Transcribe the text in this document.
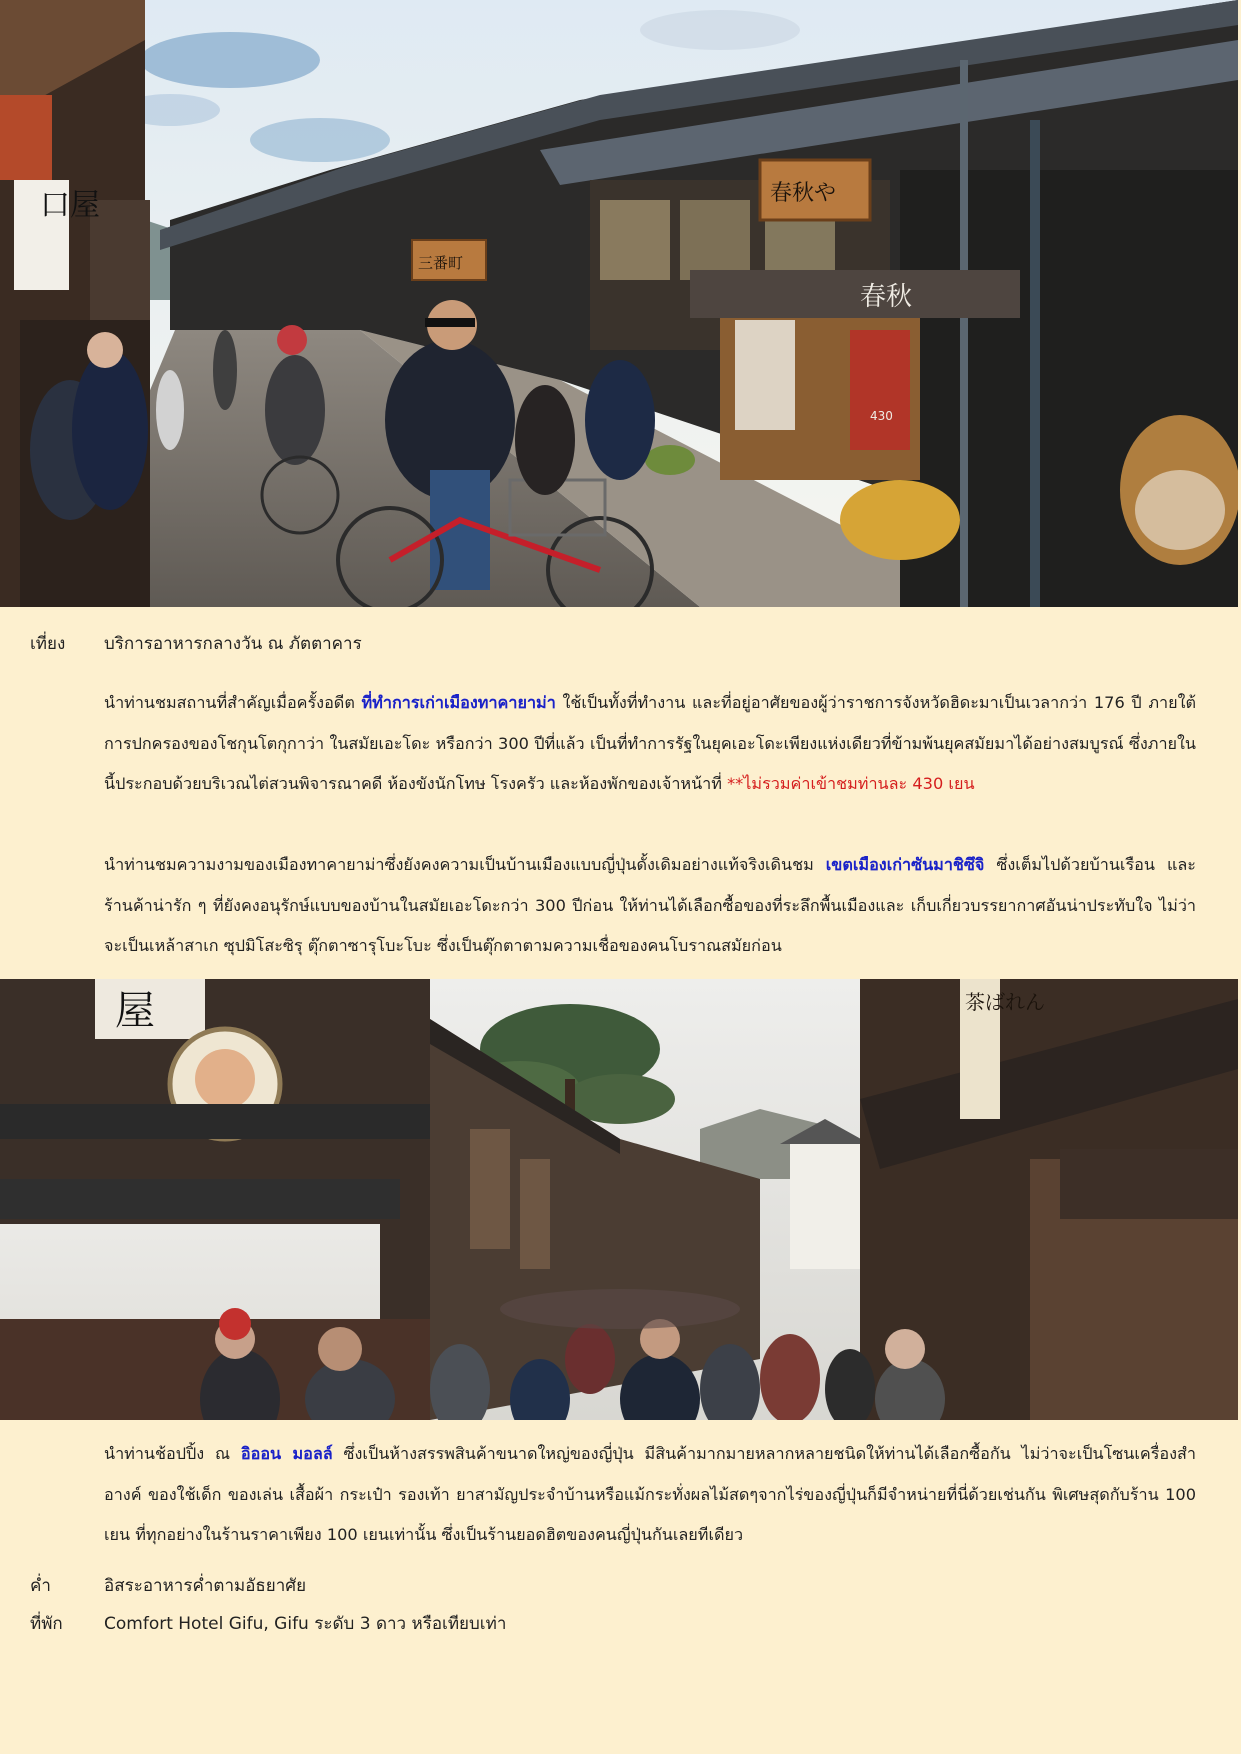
口屋	春秋や
三番町
春秋
430
เที่ยง	บริการอาหารกลางวัน ณ ภัตตาคาร
นำท่านชมสถานที่สำคัญเมื่อครั้งอดีต ที่ทำการเก่าเมืองทาคายาม่า ใช้เป็นทั้งที่ทำงาน และที่อยู่อาศัยของผู้ว่าราชการจังหวัดฮิดะมาเป็นเวลากว่า 176 ปี ภายใต้การปกครองของโชกุนโตกุกาว่า ในสมัยเอะโดะ หรือกว่า 300 ปีที่แล้ว เป็นที่ทำการรัฐในยุคเอะโดะเพียงแห่งเดียวที่ข้ามพ้นยุคสมัยมาได้อย่างสมบูรณ์ ซึ่งภายในนี้ประกอบด้วยบริเวณไต่สวนพิจารณาคดี ห้องขังนักโทษ โรงครัว และห้องพักของเจ้าหน้าที่ **ไม่รวมค่าเข้าชมท่านละ 430 เยน
นำท่านชมความงามของเมืองทาคายาม่าซึ่งยังคงความเป็นบ้านเมืองแบบญี่ปุ่นดั้งเดิมอย่างแท้จริงเดินชม เขตเมืองเก่าซันมาชิซึจิ ซึ่งเต็มไปด้วยบ้านเรือน และร้านค้าน่ารัก ๆ ที่ยังคงอนุรักษ์แบบของบ้านในสมัยเอะโดะกว่า 300 ปีก่อน ให้ท่านได้เลือกซื้อของที่ระลึกพื้นเมืองและ เก็บเกี่ยวบรรยากาศอันน่าประทับใจ ไม่ว่าจะเป็นเหล้าสาเก ซุปมิโสะซิรุ ตุ๊กตาซารุโบะโบะ ซึ่งเป็นตุ๊กตาตามความเชื่อของคนโบราณสมัยก่อน
屋	茶ばれん
นำท่านช้อปปิ้ง ณ อิออน มอลล์ ซึ่งเป็นห้างสรรพสินค้าขนาดใหญ่ของญี่ปุ่น มีสินค้ามากมายหลากหลายชนิดให้ท่านได้เลือกซื้อกัน ไม่ว่าจะเป็นโซนเครื่องสำอางค์ ของใช้เด็ก ของเล่น เสื้อผ้า กระเป๋า รองเท้า ยาสามัญประจำบ้านหรือแม้กระทั่งผลไม้สดๆจากไร่ของญี่ปุ่นก็มีจำหน่ายที่นี่ด้วยเช่นกัน พิเศษสุดกับร้าน 100 เยน ที่ทุกอย่างในร้านราคาเพียง 100 เยนเท่านั้น ซึ่งเป็นร้านยอดฮิตของคนญี่ปุ่นกันเลยทีเดียว
ค่ำ	อิสระอาหารค่ำตามอัธยาศัย
ที่พัก	Comfort Hotel Gifu, Gifu ระดับ 3 ดาว หรือเทียบเท่า
